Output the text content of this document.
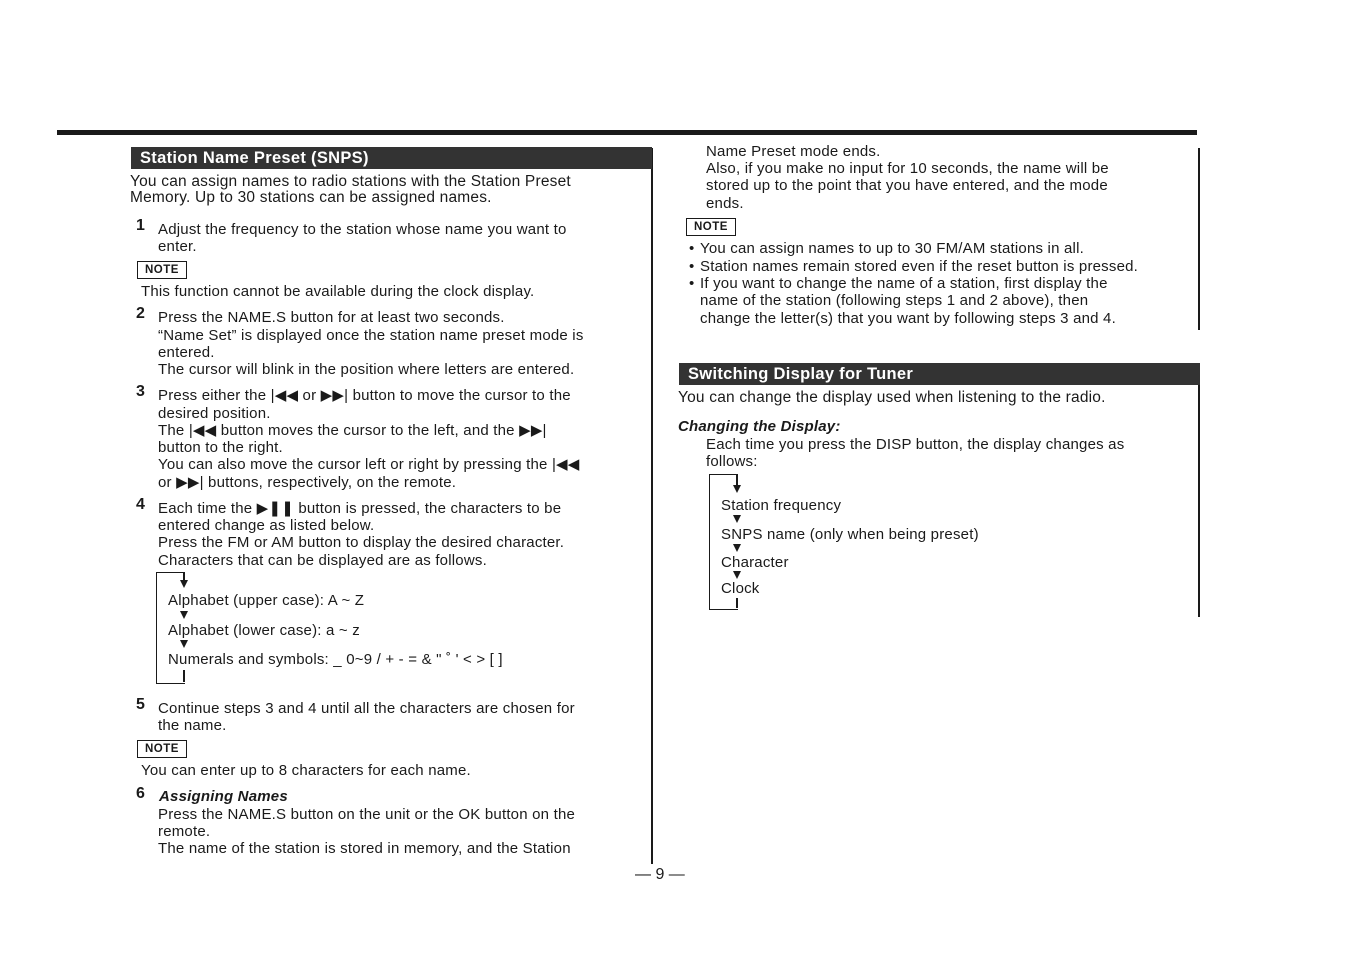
Station Name Preset (SNPS)
You can assign names to radio stations with the Station Preset
Memory. Up to 30 stations can be assigned names.
1 Adjust the frequency to the station whose name you want to
enter.
NOTE
This function cannot be available during the clock display.
2 Press the NAME.S button for at least two seconds.
“Name Set” is displayed once the station name preset mode is
entered.
The cursor will blink in the position where letters are entered.
3 Press either the |◀◀ or ▶▶| button to move the cursor to the
desired position.
The |◀◀ button moves the cursor to the left, and the ▶▶|
button to the right.
You can also move the cursor left or right by pressing the |◀◀
or ▶▶| buttons, respectively, on the remote.
4 Each time the ▶❚❚ button is pressed, the characters to be
entered change as listed below.
Press the FM or AM button to display the desired character.
Characters that can be displayed are as follows.
Alphabet (upper case): A ~ Z
Alphabet (lower case): a ~ z
Numerals and symbols: _ 0~9 / + - = & " ˚ ' < > [ ]
5 Continue steps 3 and 4 until all the characters are chosen for
the name.
NOTE
You can enter up to 8 characters for each name.
6 Assigning Names
Press the NAME.S button on the unit or the OK button on the
remote.
The name of the station is stored in memory, and the Station
Name Preset mode ends.
Also, if you make no input for 10 seconds, the name will be
stored up to the point that you have entered, and the mode
ends.
NOTE
• You can assign names to up to 30 FM/AM stations in all.
• Station names remain stored even if the reset button is pressed.
• If you want to change the name of a station, first display the
name of the station (following steps 1 and 2 above), then
change the letter(s) that you want by following steps 3 and 4.
Switching Display for Tuner
You can change the display used when listening to the radio.
Changing the Display:
Each time you press the DISP button, the display changes as
follows:
Station frequency
SNPS name (only when being preset)
Character
Clock
— 9 —
